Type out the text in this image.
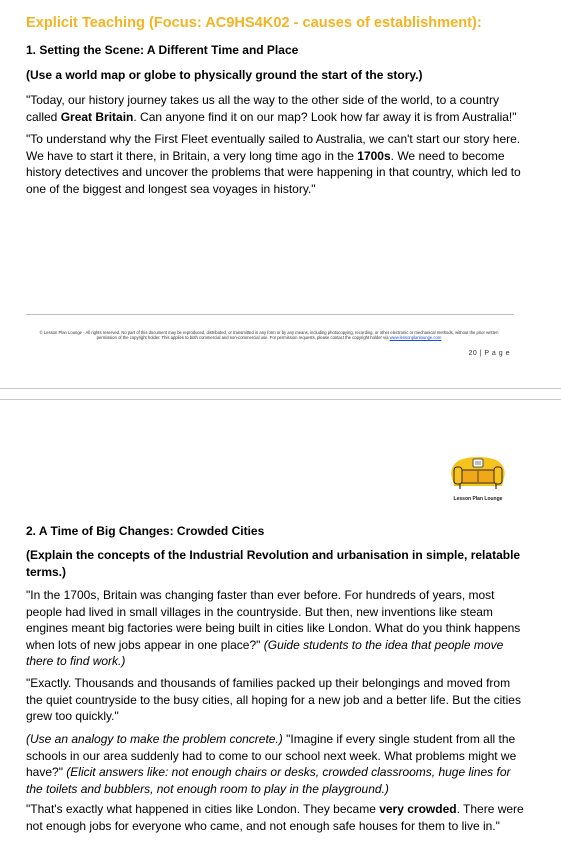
Explicit Teaching (Focus: AC9HS4K02 - causes of establishment):
1. Setting the Scene: A Different Time and Place
(Use a world map or globe to physically ground the start of the story.)
"Today, our history journey takes us all the way to the other side of the world, to a country called Great Britain. Can anyone find it on our map? Look how far away it is from Australia!"
"To understand why the First Fleet eventually sailed to Australia, we can't start our story here. We have to start it there, in Britain, a very long time ago in the 1700s. We need to become history detectives and uncover the problems that were happening in that country, which led to one of the biggest and longest sea voyages in history."
© Lesson Plan Lounge - All rights reserved. No part of this document may be reproduced, distributed, or transmitted in any form or by any means, including photocopying, recording, or other electronic or mechanical methods, without the prior written permission of the copyright holder. This applies to both commercial and non-commercial use. For permission requests, please contact the copyright holder via www.lessonplanlounge.com
20 | P a g e
Lesson Plan Lounge
2. A Time of Big Changes: Crowded Cities
(Explain the concepts of the Industrial Revolution and urbanisation in simple, relatable terms.)
"In the 1700s, Britain was changing faster than ever before. For hundreds of years, most people had lived in small villages in the countryside. But then, new inventions like steam engines meant big factories were being built in cities like London. What do you think happens when lots of new jobs appear in one place?" (Guide students to the idea that people move there to find work.)
"Exactly. Thousands and thousands of families packed up their belongings and moved from the quiet countryside to the busy cities, all hoping for a new job and a better life. But the cities grew too quickly."
(Use an analogy to make the problem concrete.) "Imagine if every single student from all the schools in our area suddenly had to come to our school next week. What problems might we have?" (Elicit answers like: not enough chairs or desks, crowded classrooms, huge lines for the toilets and bubblers, not enough room to play in the playground.)
"That's exactly what happened in cities like London. They became very crowded. There were not enough jobs for everyone who came, and not enough safe houses for them to live in."
